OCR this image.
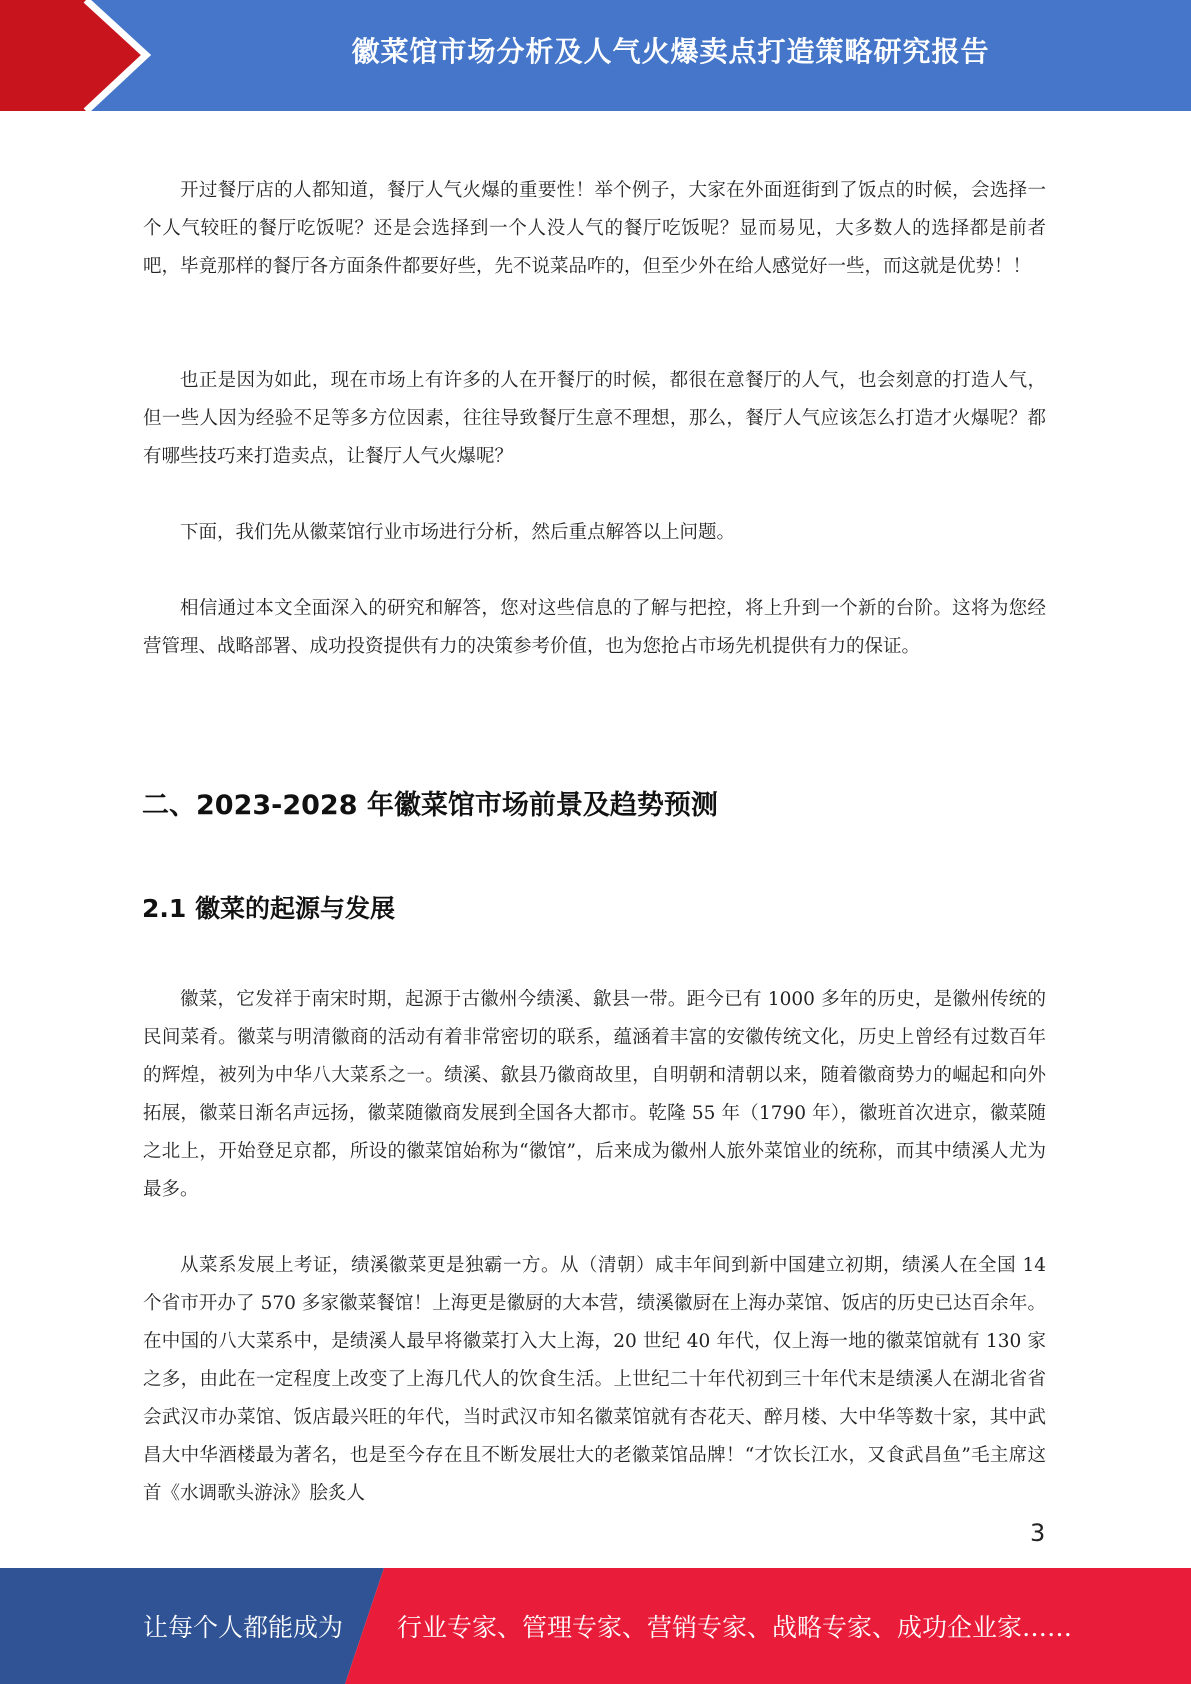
徽菜馆市场分析及人气火爆卖点打造策略研究报告

开过餐厅店的人都知道，餐厅人气火爆的重要性！举个例子，大家在外面逛街到了饭点的时候，会选择一个人气较旺的餐厅吃饭呢？还是会选择到一个人没人气的餐厅吃饭呢？显而易见，大多数人的选择都是前者吧，毕竟那样的餐厅各方面条件都要好些，先不说菜品咋的，但至少外在给人感觉好一些，而这就是优势！！

也正是因为如此，现在市场上有许多的人在开餐厅的时候，都很在意餐厅的人气，也会刻意的打造人气，但一些人因为经验不足等多方位因素，往往导致餐厅生意不理想，那么，餐厅人气应该怎么打造才火爆呢？都有哪些技巧来打造卖点，让餐厅人气火爆呢？

下面，我们先从徽菜馆行业市场进行分析，然后重点解答以上问题。

相信通过本文全面深入的研究和解答，您对这些信息的了解与把控，将上升到一个新的台阶。这将为您经营管理、战略部署、成功投资提供有力的决策参考价值，也为您抢占市场先机提供有力的保证。

二、2023-2028 年徽菜馆市场前景及趋势预测
2.1 徽菜的起源与发展

徽菜，它发祥于南宋时期，起源于古徽州今绩溪、歙县一带。距今已有 1000 多年的历史，是徽州传统的民间菜肴。徽菜与明清徽商的活动有着非常密切的联系，蕴涵着丰富的安徽传统文化，历史上曾经有过数百年的辉煌，被列为中华八大菜系之一。绩溪、歙县乃徽商故里，自明朝和清朝以来，随着徽商势力的崛起和向外拓展，徽菜日渐名声远扬，徽菜随徽商发展到全国各大都市。乾隆 55 年（1790 年），徽班首次进京，徽菜随之北上，开始登足京都，所设的徽菜馆始称为“徽馆”，后来成为徽州人旅外菜馆业的统称，而其中绩溪人尤为最多。

从菜系发展上考证，绩溪徽菜更是独霸一方。从（清朝）咸丰年间到新中国建立初期，绩溪人在全国 14 个省市开办了 570 多家徽菜餐馆！上海更是徽厨的大本营，绩溪徽厨在上海办菜馆、饭店的历史已达百余年。在中国的八大菜系中，是绩溪人最早将徽菜打入大上海，20 世纪 40 年代，仅上海一地的徽菜馆就有 130 家之多，由此在一定程度上改变了上海几代人的饮食生活。上世纪二十年代初到三十年代末是绩溪人在湖北省省会武汉市办菜馆、饭店最兴旺的年代，当时武汉市知名徽菜馆就有杏花天、醉月楼、大中华等数十家，其中武昌大中华酒楼最为著名，也是至今存在且不断发展壮大的老徽菜馆品牌！“才饮长江水，又食武昌鱼”毛主席这首《水调歌头游泳》脍炙人

3
让每个人都能成为 行业专家、管理专家、营销专家、战略专家、成功企业家……
